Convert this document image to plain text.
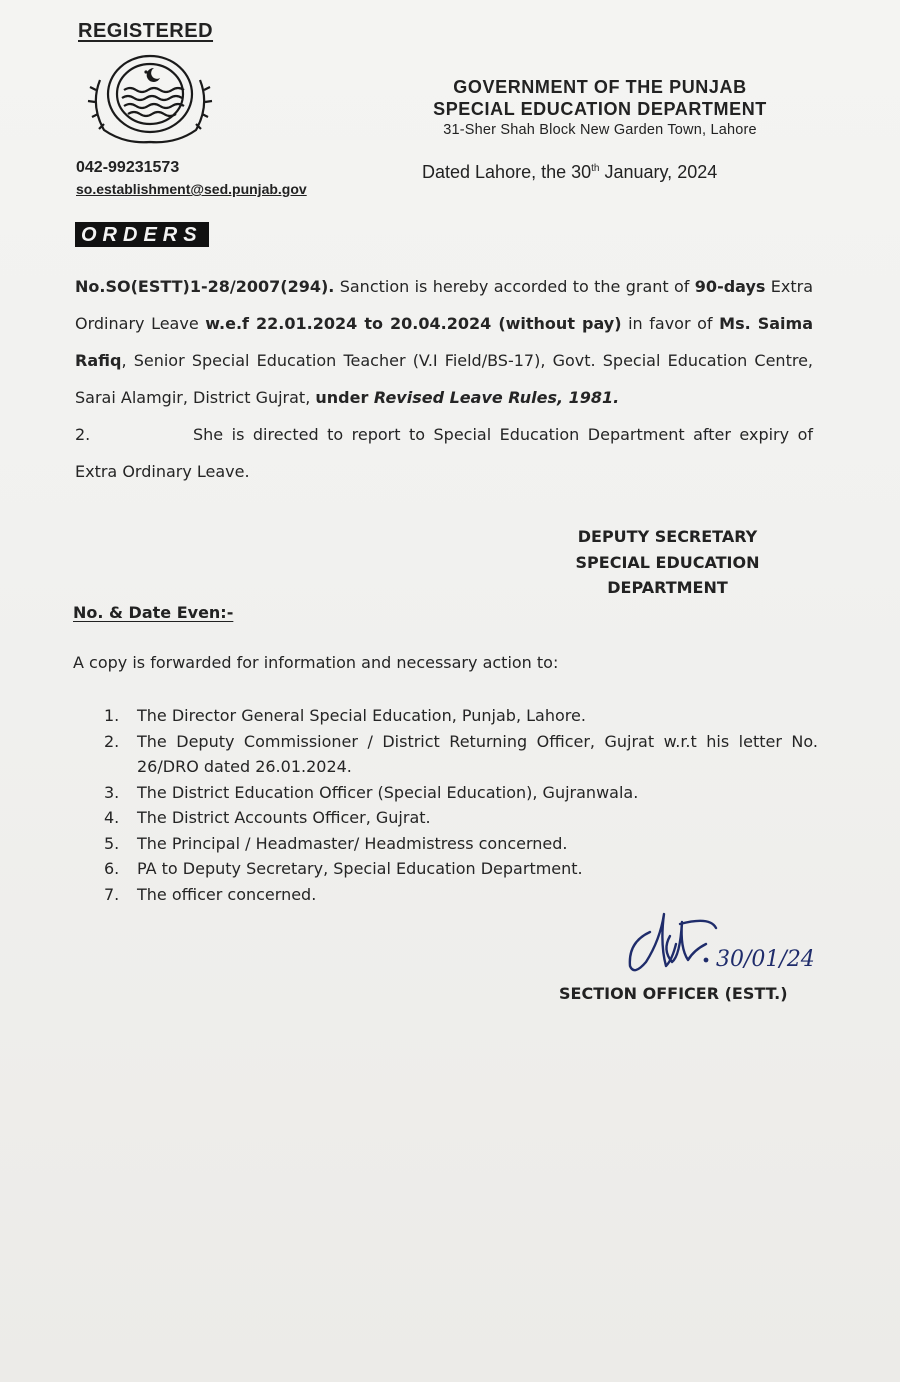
REGISTERED
GOVERNMENT OF THE PUNJAB
SPECIAL EDUCATION DEPARTMENT
31-Sher Shah Block New Garden Town, Lahore
042-99231573
so.establishment@sed.punjab.gov
Dated Lahore, the 30th January, 2024
ORDERS
No.SO(ESTT)1-28/2007(294). Sanction is hereby accorded to the grant of 90-days Extra Ordinary Leave w.e.f 22.01.2024 to 20.04.2024 (without pay) in favor of Ms. Saima Rafiq, Senior Special Education Teacher (V.I Field/BS-17), Govt. Special Education Centre, Sarai Alamgir, District Gujrat, under Revised Leave Rules, 1981.
2.	She is directed to report to Special Education Department after expiry of Extra Ordinary Leave.
DEPUTY SECRETARY
SPECIAL EDUCATION
DEPARTMENT
No. & Date Even:-
A copy is forwarded for information and necessary action to:
1.	The Director General Special Education, Punjab, Lahore.
2.	The Deputy Commissioner / District Returning Officer, Gujrat w.r.t his letter No. 26/DRO dated 26.01.2024.
3.	The District Education Officer (Special Education), Gujranwala.
4.	The District Accounts Officer, Gujrat.
5.	The Principal / Headmaster/ Headmistress concerned.
6.	PA to Deputy Secretary, Special Education Department.
7.	The officer concerned.
30/01/24
SECTION OFFICER (ESTT.)
